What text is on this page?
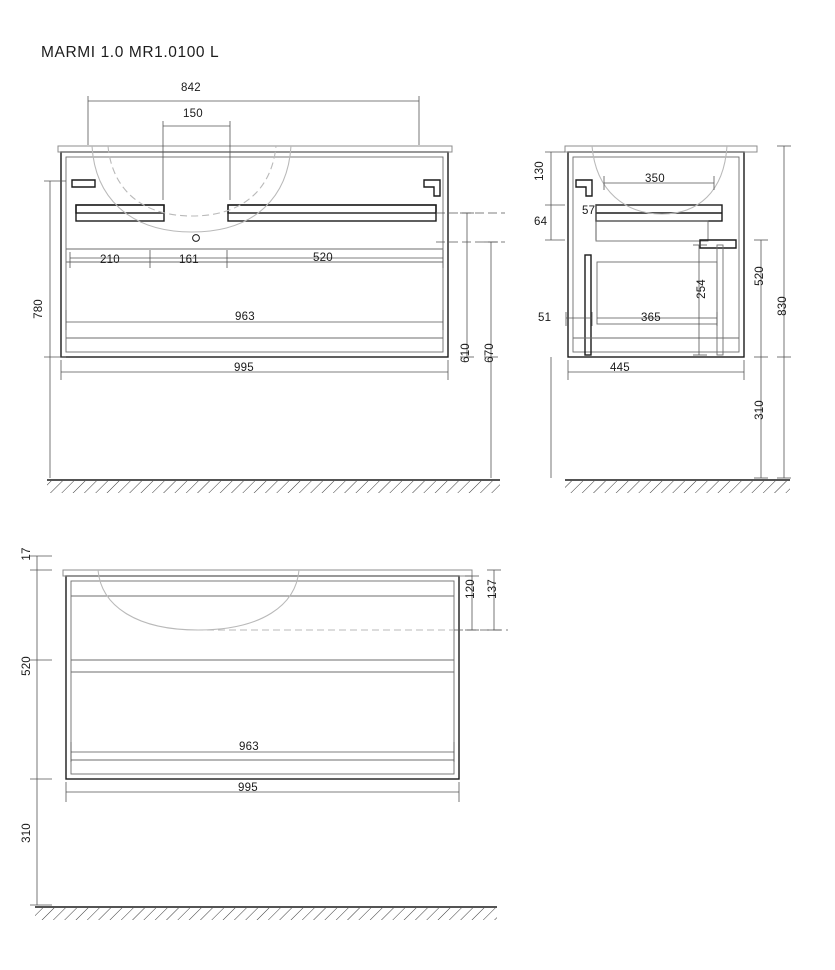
MARMI 1.0 MR1.0100 L
842
150
210	161	520
963
995
780
610 670
130	350
57
64
254
51	365
445
520
830
310
17
120 137
520
963
995
310
